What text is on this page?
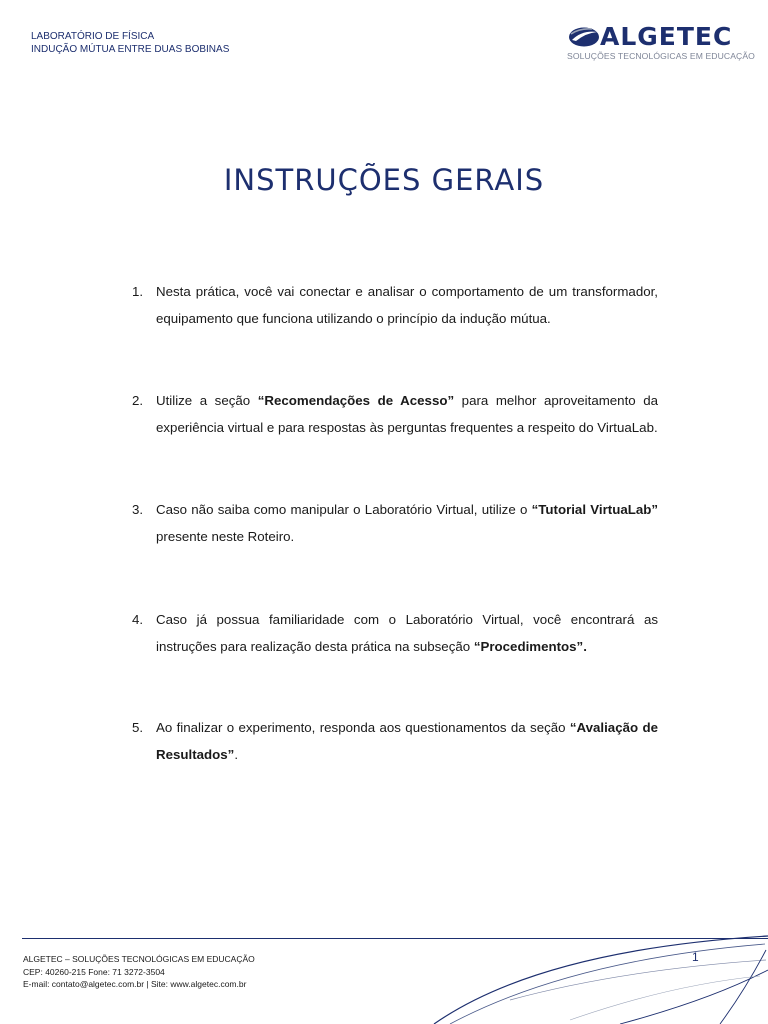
LABORATÓRIO DE FÍSICA
INDUÇÃO MÚTUA ENTRE DUAS BOBINAS	ALGETEC
SOLUÇÕES TECNOLÓGICAS EM EDUCAÇÃO
INSTRUÇÕES GERAIS
1. Nesta prática, você vai conectar e analisar o comportamento de um transformador, equipamento que funciona utilizando o princípio da indução mútua.
2. Utilize a seção “Recomendações de Acesso” para melhor aproveitamento da experiência virtual e para respostas às perguntas frequentes a respeito do VirtuaLab.
3. Caso não saiba como manipular o Laboratório Virtual, utilize o “Tutorial VirtuaLab” presente neste Roteiro.
4. Caso já possua familiaridade com o Laboratório Virtual, você encontrará as instruções para realização desta prática na subseção “Procedimentos”.
5. Ao finalizar o experimento, responda aos questionamentos da seção “Avaliação de Resultados”.
ALGETEC – SOLUÇÕES TECNOLÓGICAS EM EDUCAÇÃO
CEP: 40260-215 Fone: 71 3272-3504
E-mail: contato@algetec.com.br | Site: www.algetec.com.br
1
